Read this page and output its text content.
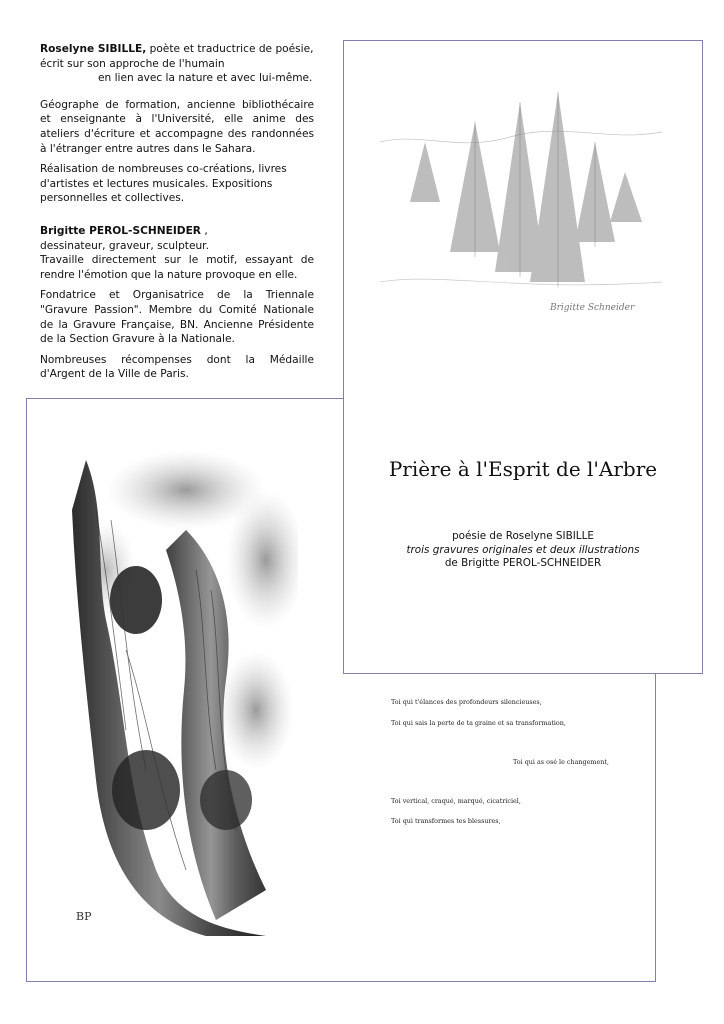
Roselyne SIBILLE, poète et traductrice de poésie,
écrit sur son approche de l'humain

en lien avec la nature et avec lui-même.

Géographe de formation, ancienne bibliothécaire et enseignante à l'Université, elle anime des ateliers d'écriture et accompagne des randonnées à l'étranger entre autres dans le Sahara.

Réalisation de nombreuses co-créations, livres d'artistes et lectures musicales. Expositions personnelles et collectives.

Brigitte PEROL-SCHNEIDER ,

dessinateur, graveur, sculpteur.

Travaille directement sur le motif, essayant de rendre l'émotion que la nature provoque en elle.

Fondatrice et Organisatrice de la Triennale "Gravure Passion". Membre du Comité Nationale de la Gravure Française, BN. Ancienne Présidente de la Section Gravure à la Nationale.

Nombreuses récompenses dont la Médaille d'Argent de la Ville de Paris.

BP
Brigitte Schneider
Prière à l'Esprit de l'Arbre
poésie de Roselyne SIBILLE
trois gravures originales et deux illustrations
de Brigitte PEROL-SCHNEIDER
Toi qui t'élances des profondeurs silencieuses,
Toi qui sais la perte de ta graine et sa transformation,
Toi qui as osé le changement,
Toi vertical, craqué, marqué, cicatriciel,
Toi qui transformes tes blessures,
